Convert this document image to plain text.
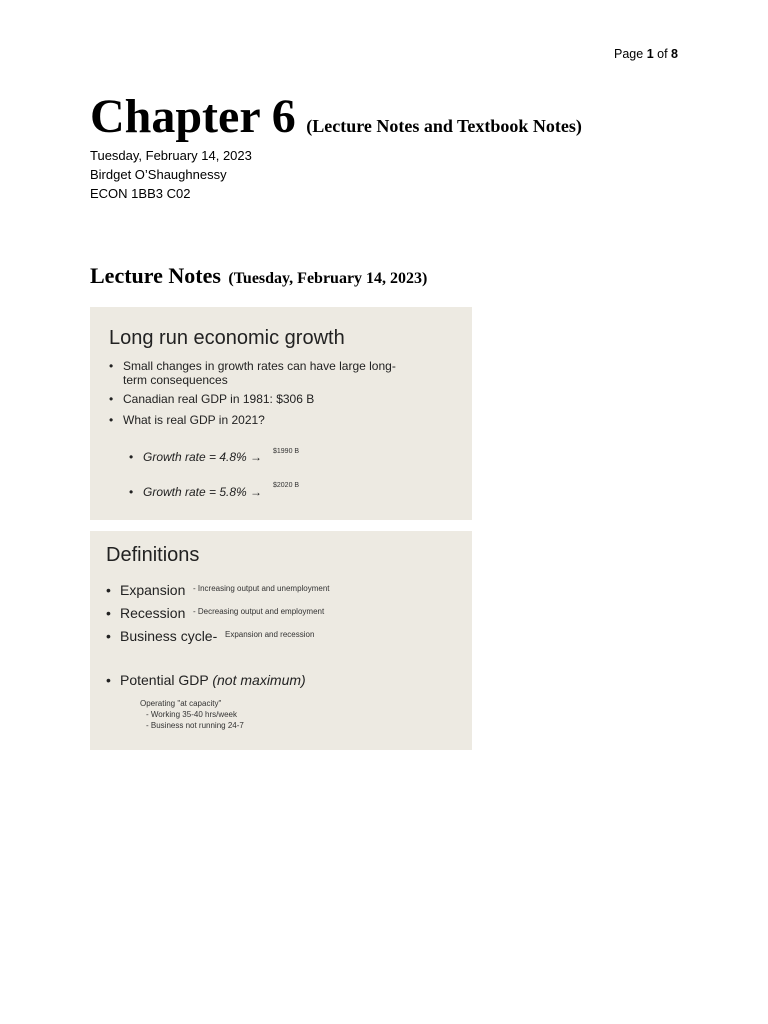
Page 1 of 8
Chapter 6 (Lecture Notes and Textbook Notes)
Tuesday, February 14, 2023
Birdget O’Shaughnessy
ECON 1BB3 C02
Lecture Notes (Tuesday, February 14, 2023)
Long run economic growth
• Small changes in growth rates can have large long-
term consequences
• Canadian real GDP in 1981: $306 B
• What is real GDP in 2021?
• Growth rate = 4.8% → $1990 B
• Growth rate = 5.8% → $2020 B
Definitions
• Expansion - Increasing output and unemployment
• Recession - Decreasing output and employment
• Business cycle- Expansion and recession
• Potential GDP (not maximum)
Operating "at capacity"
- Working 35-40 hrs/week
- Business not running 24-7
